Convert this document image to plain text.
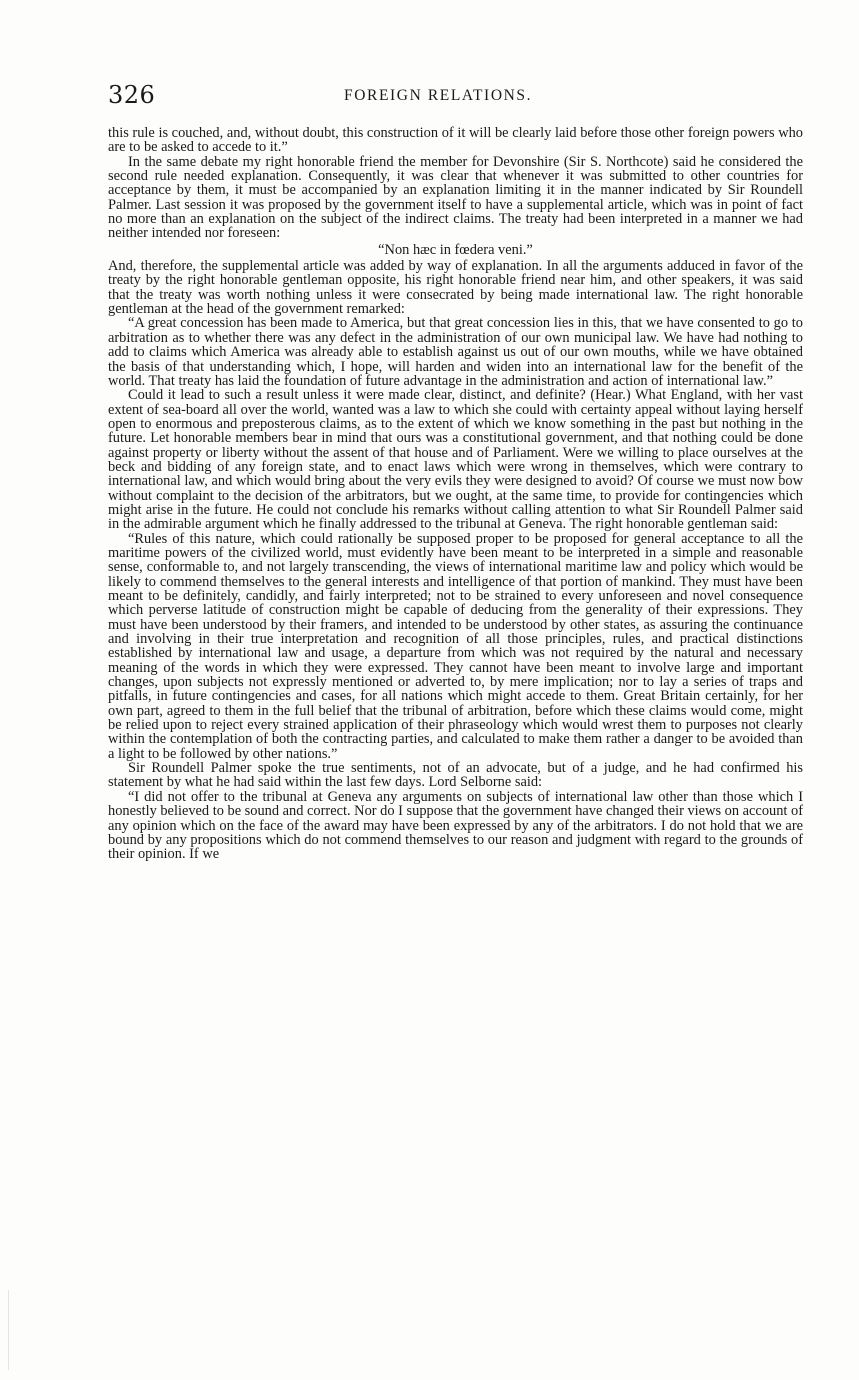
326	FOREIGN RELATIONS.

this rule is couched, and, without doubt, this construction of it will be clearly laid before those other foreign powers who are to be asked to accede to it.”

In the same debate my right honorable friend the member for Devonshire (Sir S. Northcote) said he considered the second rule needed explanation. Consequently, it was clear that whenever it was submitted to other countries for acceptance by them, it must be accompanied by an explanation limiting it in the manner indicated by Sir Roundell Palmer. Last session it was proposed by the government itself to have a supplemental article, which was in point of fact no more than an explanation on the subject of the indirect claims. The treaty had been interpreted in a manner we had neither intended nor foreseen:

“Non hæc in fœdera veni.”

And, therefore, the supplemental article was added by way of explanation. In all the arguments adduced in favor of the treaty by the right honorable gentleman opposite, his right honorable friend near him, and other speakers, it was said that the treaty was worth nothing unless it were consecrated by being made international law. The right honorable gentleman at the head of the government remarked:

“A great concession has been made to America, but that great concession lies in this, that we have consented to go to arbitration as to whether there was any defect in the administration of our own municipal law. We have had nothing to add to claims which America was already able to establish against us out of our own mouths, while we have obtained the basis of that understanding which, I hope, will harden and widen into an international law for the benefit of the world. That treaty has laid the foundation of future advantage in the administration and action of international law.”

Could it lead to such a result unless it were made clear, distinct, and definite? (Hear.) What England, with her vast extent of sea-board all over the world, wanted was a law to which she could with certainty appeal without laying herself open to enormous and preposterous claims, as to the extent of which we know something in the past but nothing in the future. Let honorable members bear in mind that ours was a constitutional government, and that nothing could be done against property or liberty without the assent of that house and of Parliament. Were we willing to place ourselves at the beck and bidding of any foreign state, and to enact laws which were wrong in themselves, which were contrary to international law, and which would bring about the very evils they were designed to avoid? Of course we must now bow without complaint to the decision of the arbitrators, but we ought, at the same time, to provide for contingencies which might arise in the future. He could not conclude his remarks without calling attention to what Sir Roundell Palmer said in the admirable argument which he finally addressed to the tribunal at Geneva. The right honorable gentleman said:

“Rules of this nature, which could rationally be supposed proper to be proposed for general acceptance to all the maritime powers of the civilized world, must evidently have been meant to be interpreted in a simple and reasonable sense, conformable to, and not largely transcending, the views of international maritime law and policy which would be likely to commend themselves to the general interests and intelligence of that portion of mankind. They must have been meant to be definitely, candidly, and fairly interpreted; not to be strained to every unforeseen and novel consequence which perverse latitude of construction might be capable of deducing from the generality of their expressions. They must have been understood by their framers, and intended to be understood by other states, as assuring the continuance and involving in their true interpretation and recognition of all those principles, rules, and practical distinctions established by international law and usage, a departure from which was not required by the natural and necessary meaning of the words in which they were expressed. They cannot have been meant to involve large and important changes, upon subjects not expressly mentioned or adverted to, by mere implication; nor to lay a series of traps and pitfalls, in future contingencies and cases, for all nations which might accede to them. Great Britain certainly, for her own part, agreed to them in the full belief that the tribunal of arbitration, before which these claims would come, might be relied upon to reject every strained application of their phraseology which would wrest them to purposes not clearly within the contemplation of both the contracting parties, and calculated to make them rather a danger to be avoided than a light to be followed by other nations.”

Sir Roundell Palmer spoke the true sentiments, not of an advocate, but of a judge, and he had confirmed his statement by what he had said within the last few days. Lord Selborne said:

“I did not offer to the tribunal at Geneva any arguments on subjects of international law other than those which I honestly believed to be sound and correct. Nor do I suppose that the government have changed their views on account of any opinion which on the face of the award may have been expressed by any of the arbitrators. I do not hold that we are bound by any propositions which do not commend themselves to our reason and judgment with regard to the grounds of their opinion. If we
